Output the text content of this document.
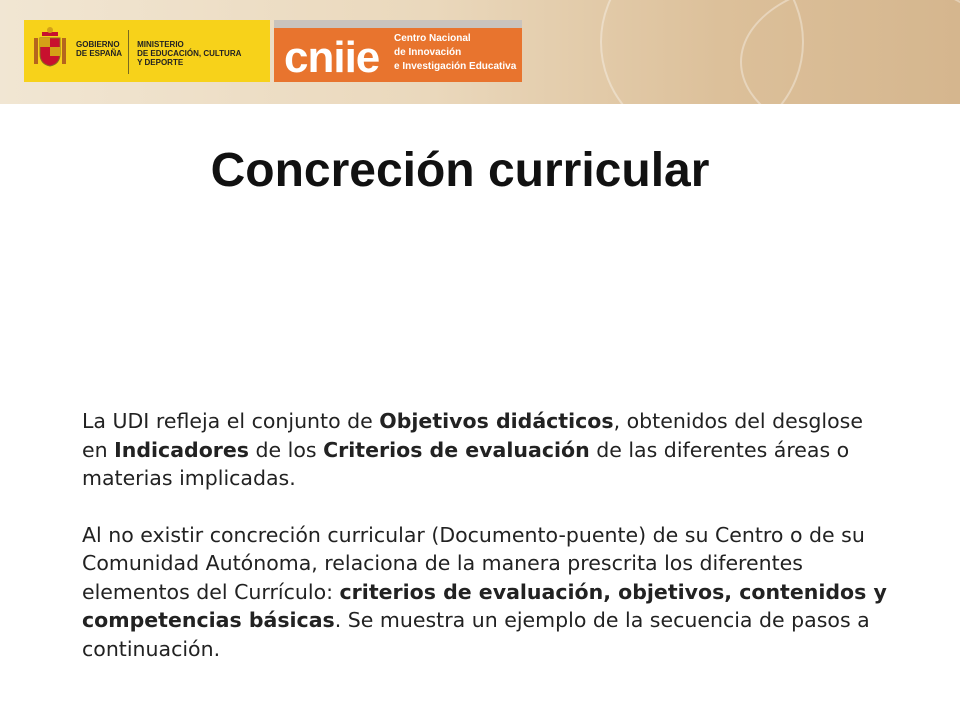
GOBIERNO
DE ESPAÑA
MINISTERIO
DE EDUCACIÓN, CULTURA
Y DEPORTE	cniie Centro Nacional
de Innovación
e Investigación Educativa
Concreción curricular

La UDI refleja el conjunto de Objetivos didácticos, obtenidos del desglose en Indicadores de los Criterios de evaluación de las diferentes áreas o materias implicadas.

Al no existir concreción curricular (Documento-puente) de su Centro o de su Comunidad Autónoma, relaciona de la manera prescrita los diferentes elementos del Currículo: criterios de evaluación, objetivos, contenidos y competencias básicas. Se muestra un ejemplo de la secuencia de pasos a continuación.
